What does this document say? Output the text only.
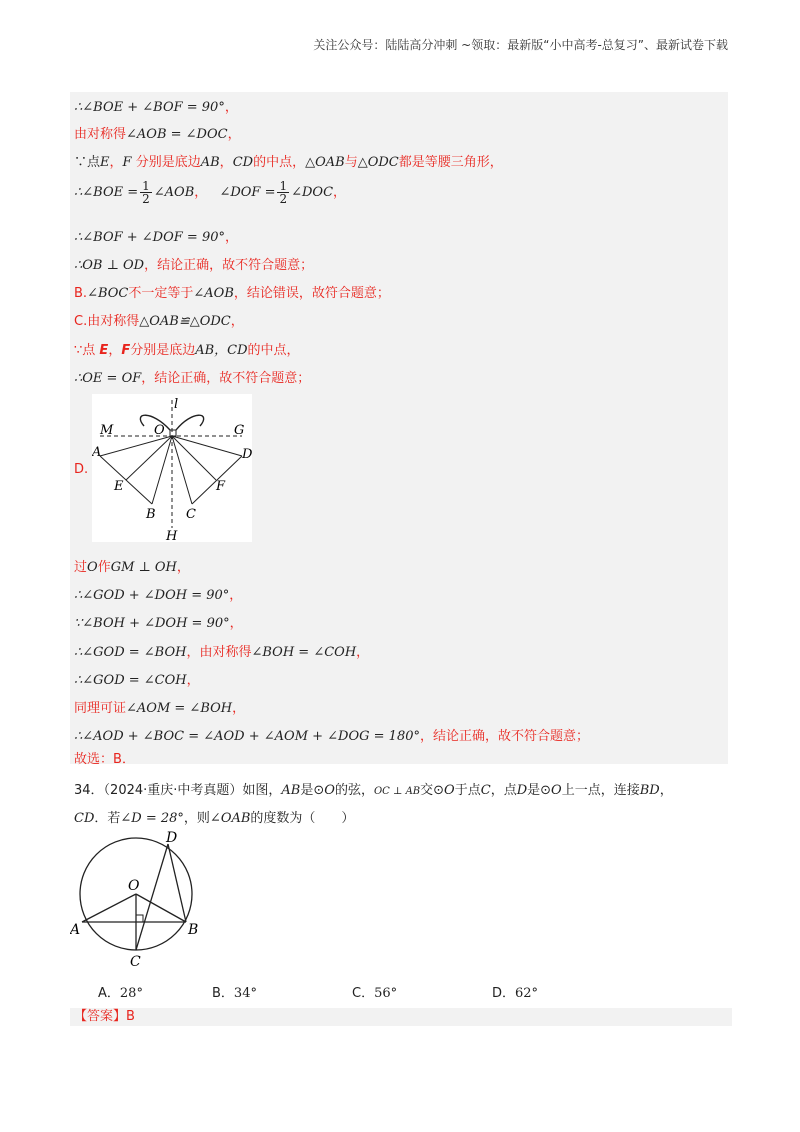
关注公众号：陆陆高分冲刺 ~领取：最新版“小中高考-总复习”、最新试卷下载
∴∠BOE + ∠BOF = 90°，
由对称得∠AOB = ∠DOC，
∵点E，F 分别是底边AB，CD的中点，△OAB与△ODC都是等腰三角形，
∴∠BOE = $\frac{1}{2}$ ∠AOB， ∠DOF = $\frac{1}{2}$ ∠DOC，
∴∠BOF + ∠DOF = 90°，
∴OB ⊥ OD，结论正确，故不符合题意；
B.∠BOC不一定等于∠AOB，结论错误，故符合题意；
C.由对称得△OAB≌△ODC，
∵点 E，F分别是底边AB，CD的中点，
∴OE = OF，结论正确，故不符合题意；
D.
l
M	O	G
A	D
E	F
B C
H
过O作GM ⊥ OH，
∴∠GOD + ∠DOH = 90°，
∵∠BOH + ∠DOH = 90°，
∴∠GOD = ∠BOH，由对称得∠BOH = ∠COH，
∴∠GOD = ∠COH，
同理可证∠AOM = ∠BOH，
∴∠AOD + ∠BOC = ∠AOD + ∠AOM + ∠DOG = 180°，结论正确，故不符合题意；
故选：B．
34．（2024·重庆·中考真题）如图，AB是⊙O的弦，OC ⊥ AB交⊙O于点C，点D是⊙O上一点，连接BD，
CD．若∠D = 28°，则∠OAB的度数为（　　）
D
O
A	B
C
A．28°	B．34°	C．56°	D．62°
【答案】B
